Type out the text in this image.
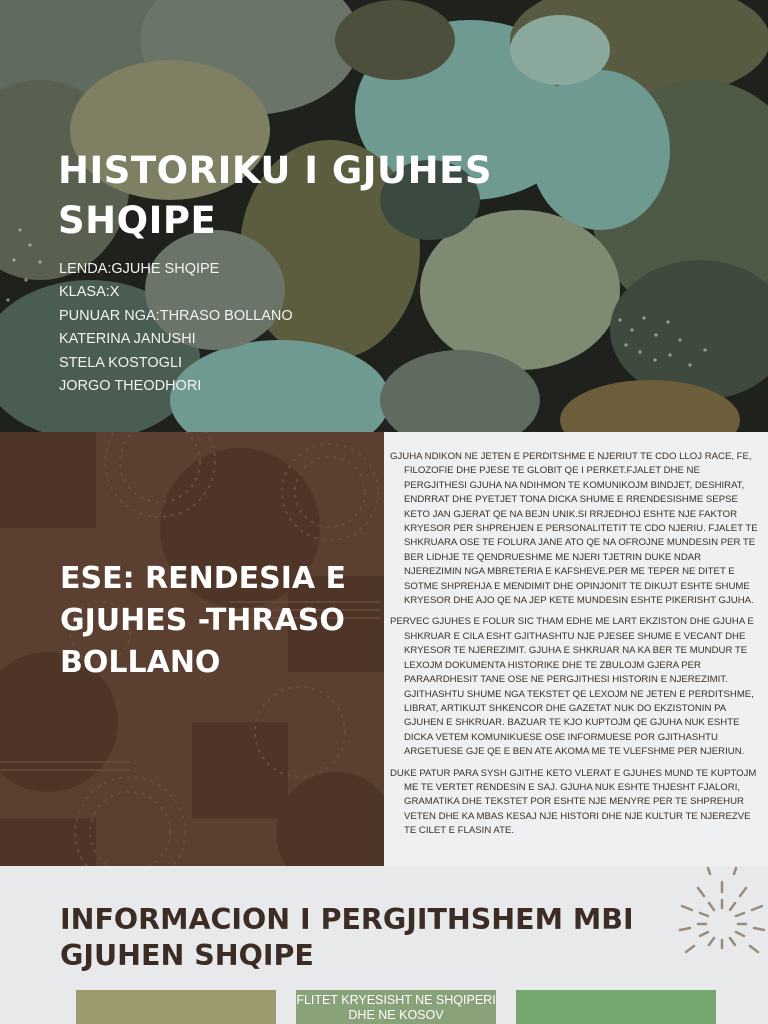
HISTORIKU I GJUHES SHQIPE
LENDA:GJUHE SHQIPE
KLASA:X
PUNUAR NGA:THRASO BOLLANO
KATERINA JANUSHI
STELA KOSTOGLI
JORGO THEODHORI
ESE: RENDESIA E GJUHES -THRASO BOLLANO

GJUHA NDIKON NE JETEN E PERDITSHME E NJERIUT TE CDO LLOJ RACE, FE, FILOZOFIE DHE PJESE TE GLOBIT QE I PERKET.FJALET DHE NE PERGJITHESI GJUHA NA NDIHMON TE KOMUNIKOJM BINDJET, DESHIRAT, ENDRRAT DHE PYETJET TONA DICKA SHUME E RRENDESISHME SEPSE KETO JAN GJERAT QE NA BEJN UNIK.SI RRJEDHOJ ESHTE NJE FAKTOR KRYESOR PER SHPREHJEN E PERSONALITETIT TE CDO NJERIU. FJALET TE SHKRUARA OSE TE FOLURA JANE ATO QE NA OFROJNE MUNDESIN PER TE BER LIDHJE TE QENDRUESHME ME NJERI TJETRIN DUKE NDAR NJEREZIMIN NGA MBRETERIA E KAFSHEVE.PER ME TEPER NE DITET E SOTME SHPREHJA E MENDIMIT DHE OPINJONIT TE DIKUJT ESHTE SHUME KRYESOR DHE AJO QE NA JEP KETE MUNDESIN ESHTE PIKERISHT GJUHA.

PERVEC GJUHES E FOLUR SIC THAM EDHE ME LART EKZISTON DHE GJUHA E SHKRUAR E CILA ESHT GJITHASHTU NJE PJESEE SHUME E VECANT DHE KRYESOR TE NJEREZIMIT. GJUHA E SHKRUAR NA KA BER TE MUNDUR TE LEXOJM DOKUMENTA HISTORIKE DHE TE ZBULOJM GJERA PER PARAARDHESIT TANE OSE NE PERGJITHESI HISTORIN E NJEREZIMIT. GJITHASHTU SHUME NGA TEKSTET QE LEXOJM NE JETEN E PERDITSHME, LIBRAT, ARTIKUJT SHKENCOR DHE GAZETAT NUK DO EKZISTONIN PA GJUHEN E SHKRUAR. BAZUAR TE KJO KUPTOJM QE GJUHA NUK ESHTE DICKA VETEM KOMUNIKUESE OSE INFORMUESE POR GJITHASHTU ARGETUESE GJE QE E BEN ATE AKOMA ME TE VLEFSHME PER NJERIUN.

DUKE PATUR PARA SYSH GJITHE KETO VLERAT E GJUHES MUND TE KUPTOJM ME TE VERTET RENDESIN E SAJ. GJUHA NUK ESHTE THJESHT FJALORI, GRAMATIKA DHE TEKSTET POR ESHTE NJE MENYRE PER TE SHPREHUR VETEN DHE KA MBAS KESAJ NJE HISTORI DHE NJE KULTUR TE NJEREZVE TE CILET E FLASIN ATE.

INFORMACION I PERGJITHSHEM MBI GJUHEN SHQIPE
FLITET KRYESISHT NE SHQIPERI DHE NE KOSOV
